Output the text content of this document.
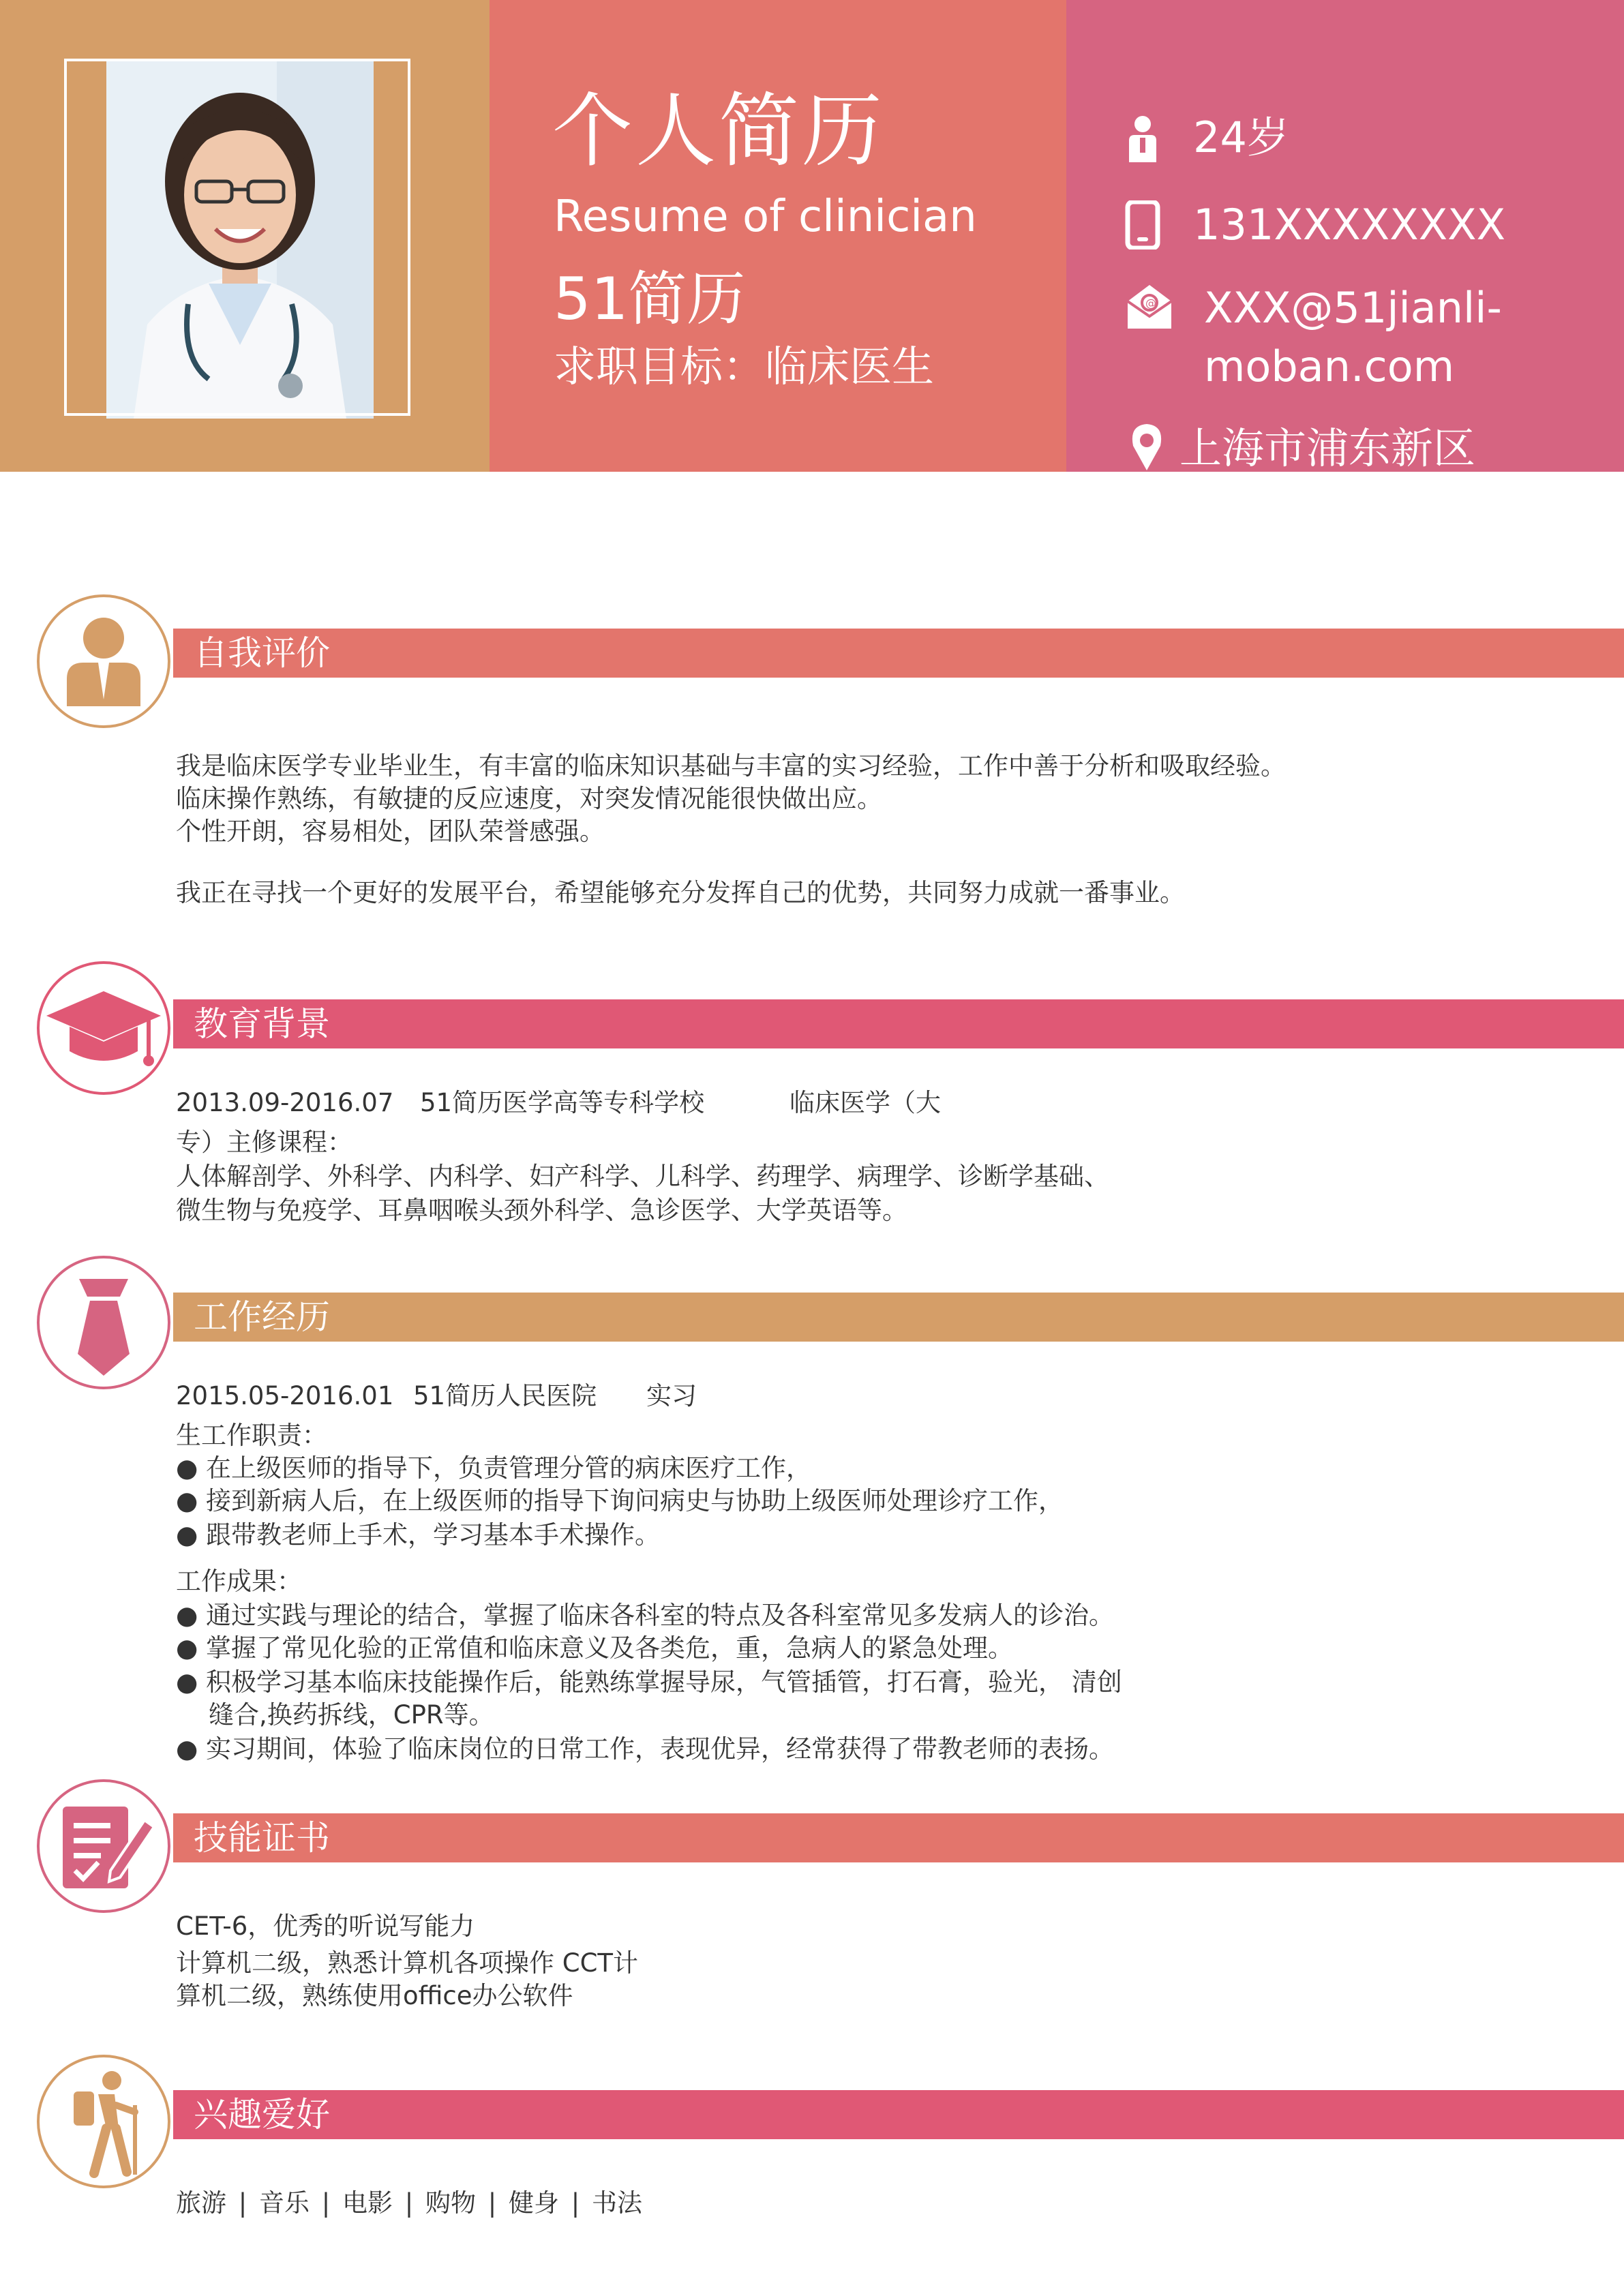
个人简历
Resume of clinician
51简历
求职目标：临床医生
24岁
131XXXXXXXX
@ XXX@51jianli-
moban.com
上海市浦东新区
自我评价
我是临床医学专业毕业生，有丰富的临床知识基础与丰富的实习经验，工作中善于分析和吸取经验。
临床操作熟练，有敏捷的反应速度，对突发情况能很快做出应。
个性开朗，容易相处，团队荣誉感强。
我正在寻找一个更好的发展平台，希望能够充分发挥自己的优势，共同努力成就一番事业。
教育背景
2013.09-2016.07 51简历医学高等专科学校	临床医学（大
专）主修课程：
人体解剖学、外科学、内科学、妇产科学、儿科学、药理学、病理学、诊断学基础、
微生物与免疫学、耳鼻咽喉头颈外科学、急诊医学、大学英语等。
工作经历
2015.05-2016.01 51简历人民医院 实习
生工作职责：
● 在上级医师的指导下，负责管理分管的病床医疗工作，
● 接到新病人后，在上级医师的指导下询问病史与协助上级医师处理诊疗工作，
● 跟带教老师上手术，学习基本手术操作。
工作成果：
● 通过实践与理论的结合，掌握了临床各科室的特点及各科室常见多发病人的诊治。
● 掌握了常见化验的正常值和临床意义及各类危，重，急病人的紧急处理。
● 积极学习基本临床技能操作后，能熟练掌握导尿，气管插管，打石膏，验光， 清创
缝合,换药拆线，CPR等。
● 实习期间，体验了临床岗位的日常工作，表现优异，经常获得了带教老师的表扬。
技能证书
CET-6，优秀的听说写能力
计算机二级，熟悉计算机各项操作 CCT计
算机二级，熟练使用office办公软件
兴趣爱好
旅游 | 音乐 | 电影 | 购物 | 健身 | 书法
